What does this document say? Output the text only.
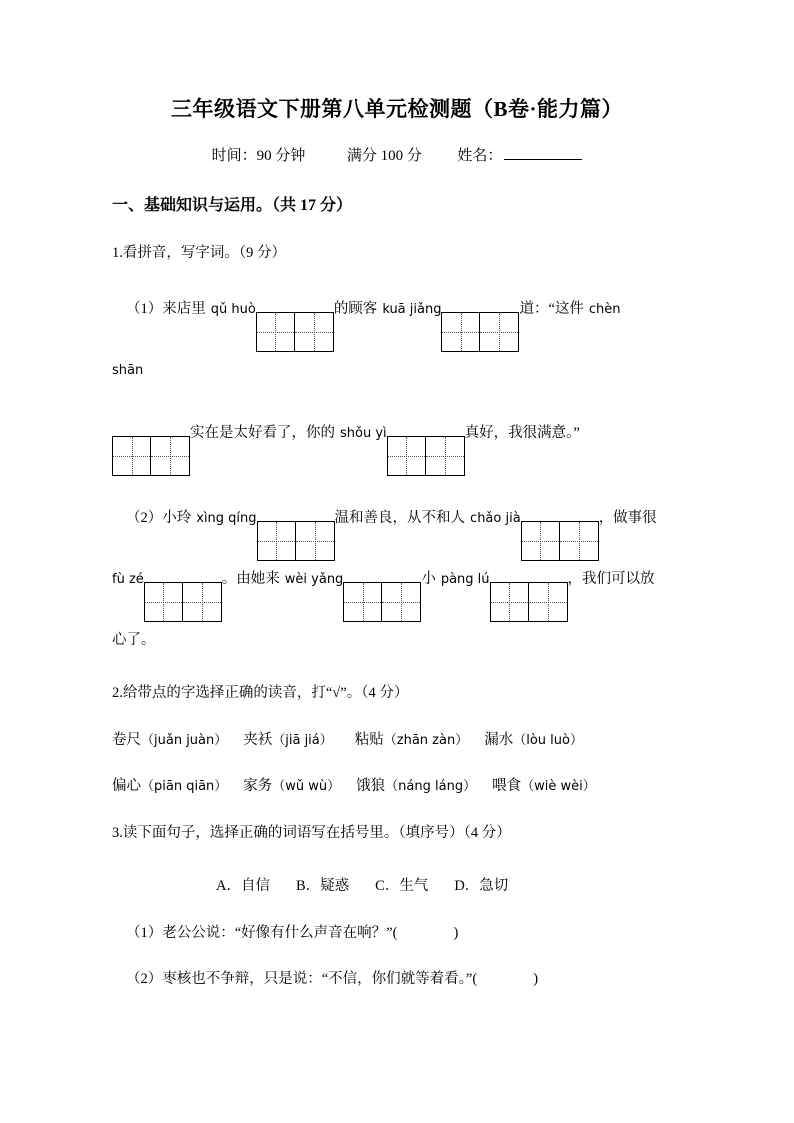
三年级语文下册第八单元检测题（B卷·能力篇）

时间：90 分钟	满分 100 分 姓名：

一、基础知识与运用。（共 17 分）

1.看拼音，写字词。（9 分）

（1）来店里 qǔ huò	的顾客 kuā jiǎng	道：“这件 chèn

shān

实在是太好看了，你的 shǒu yì	真好，我很满意。”

（2）小玲 xìng qíng	温和善良，从不和人 chǎo jià	，做事很

fù zé	。由她来 wèi yǎng	小 pàng lú	，我们可以放

心了。

2.给带点的字选择正确的读音，打“√”。（4 分）

卷尺（juǎn juàn） 夹袄（jiā jiá） 粘贴（zhān zàn） 漏水（lòu luò）

偏心（piān qiān） 家务（wǔ wù） 饿狼（náng láng） 喂食（wiè wèi）

3.读下面句子，选择正确的词语写在括号里。（填序号）（4 分）

A．自信 B．疑惑 C．生气 D．急切

（1）老公公说：“好像有什么声音在响？”(	)

（2）枣核也不争辩，只是说：“不信，你们就等着看。”(	)
